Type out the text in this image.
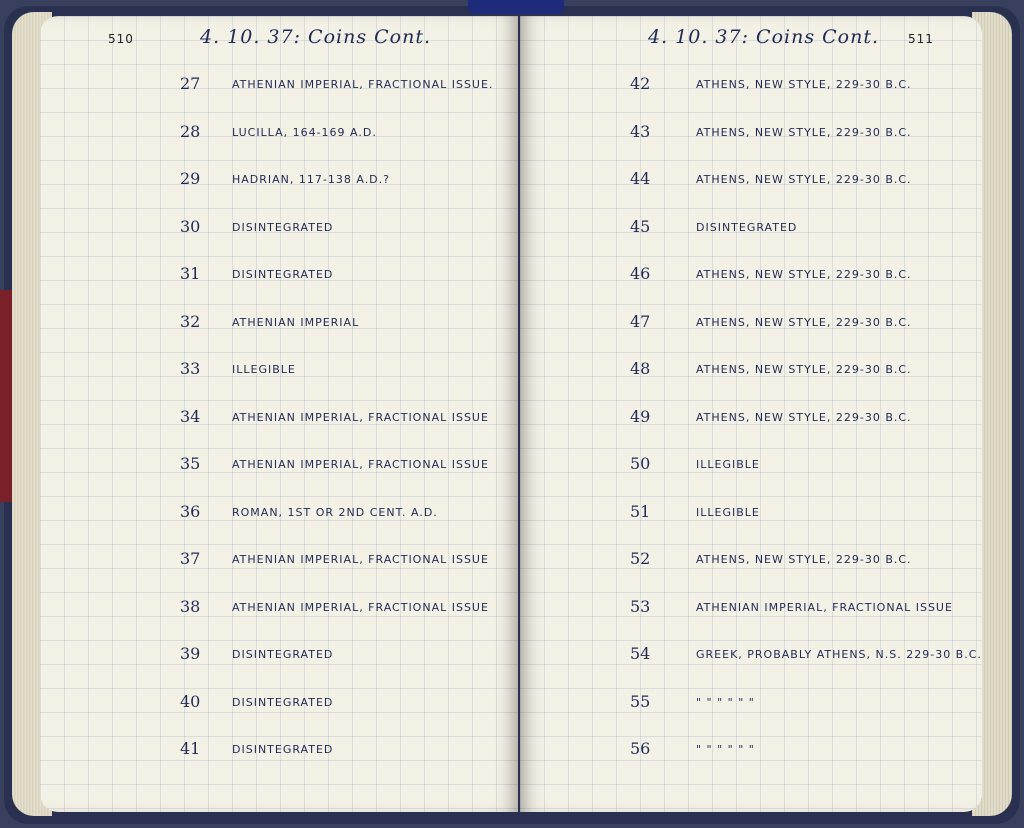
510	4. 10. 37: Coins Cont.
27	ATHENIAN IMPERIAL, FRACTIONAL ISSUE.
28	LUCILLA, 164-169 A.D.
29	HADRIAN, 117-138 A.D.?
30	DISINTEGRATED
31	DISINTEGRATED
32	ATHENIAN IMPERIAL
33	ILLEGIBLE
34	ATHENIAN IMPERIAL, FRACTIONAL ISSUE
35	ATHENIAN IMPERIAL, FRACTIONAL ISSUE
36	ROMAN, 1ST OR 2ND CENT. A.D.
37	ATHENIAN IMPERIAL, FRACTIONAL ISSUE
38	ATHENIAN IMPERIAL, FRACTIONAL ISSUE
39	DISINTEGRATED
40	DISINTEGRATED
41	DISINTEGRATED
4. 10. 37: Coins Cont. 511
42	ATHENS, NEW STYLE, 229-30 B.C.
43	ATHENS, NEW STYLE, 229-30 B.C.
44	ATHENS, NEW STYLE, 229-30 B.C.
45	DISINTEGRATED
46	ATHENS, NEW STYLE, 229-30 B.C.
47	ATHENS, NEW STYLE, 229-30 B.C.
48	ATHENS, NEW STYLE, 229-30 B.C.
49	ATHENS, NEW STYLE, 229-30 B.C.
50	ILLEGIBLE
51	ILLEGIBLE
52	ATHENS, NEW STYLE, 229-30 B.C.
53	ATHENIAN IMPERIAL, FRACTIONAL ISSUE
54	GREEK, PROBABLY ATHENS, N.S. 229-30 B.C.
55	" " " " " "
56	" " " " " "
